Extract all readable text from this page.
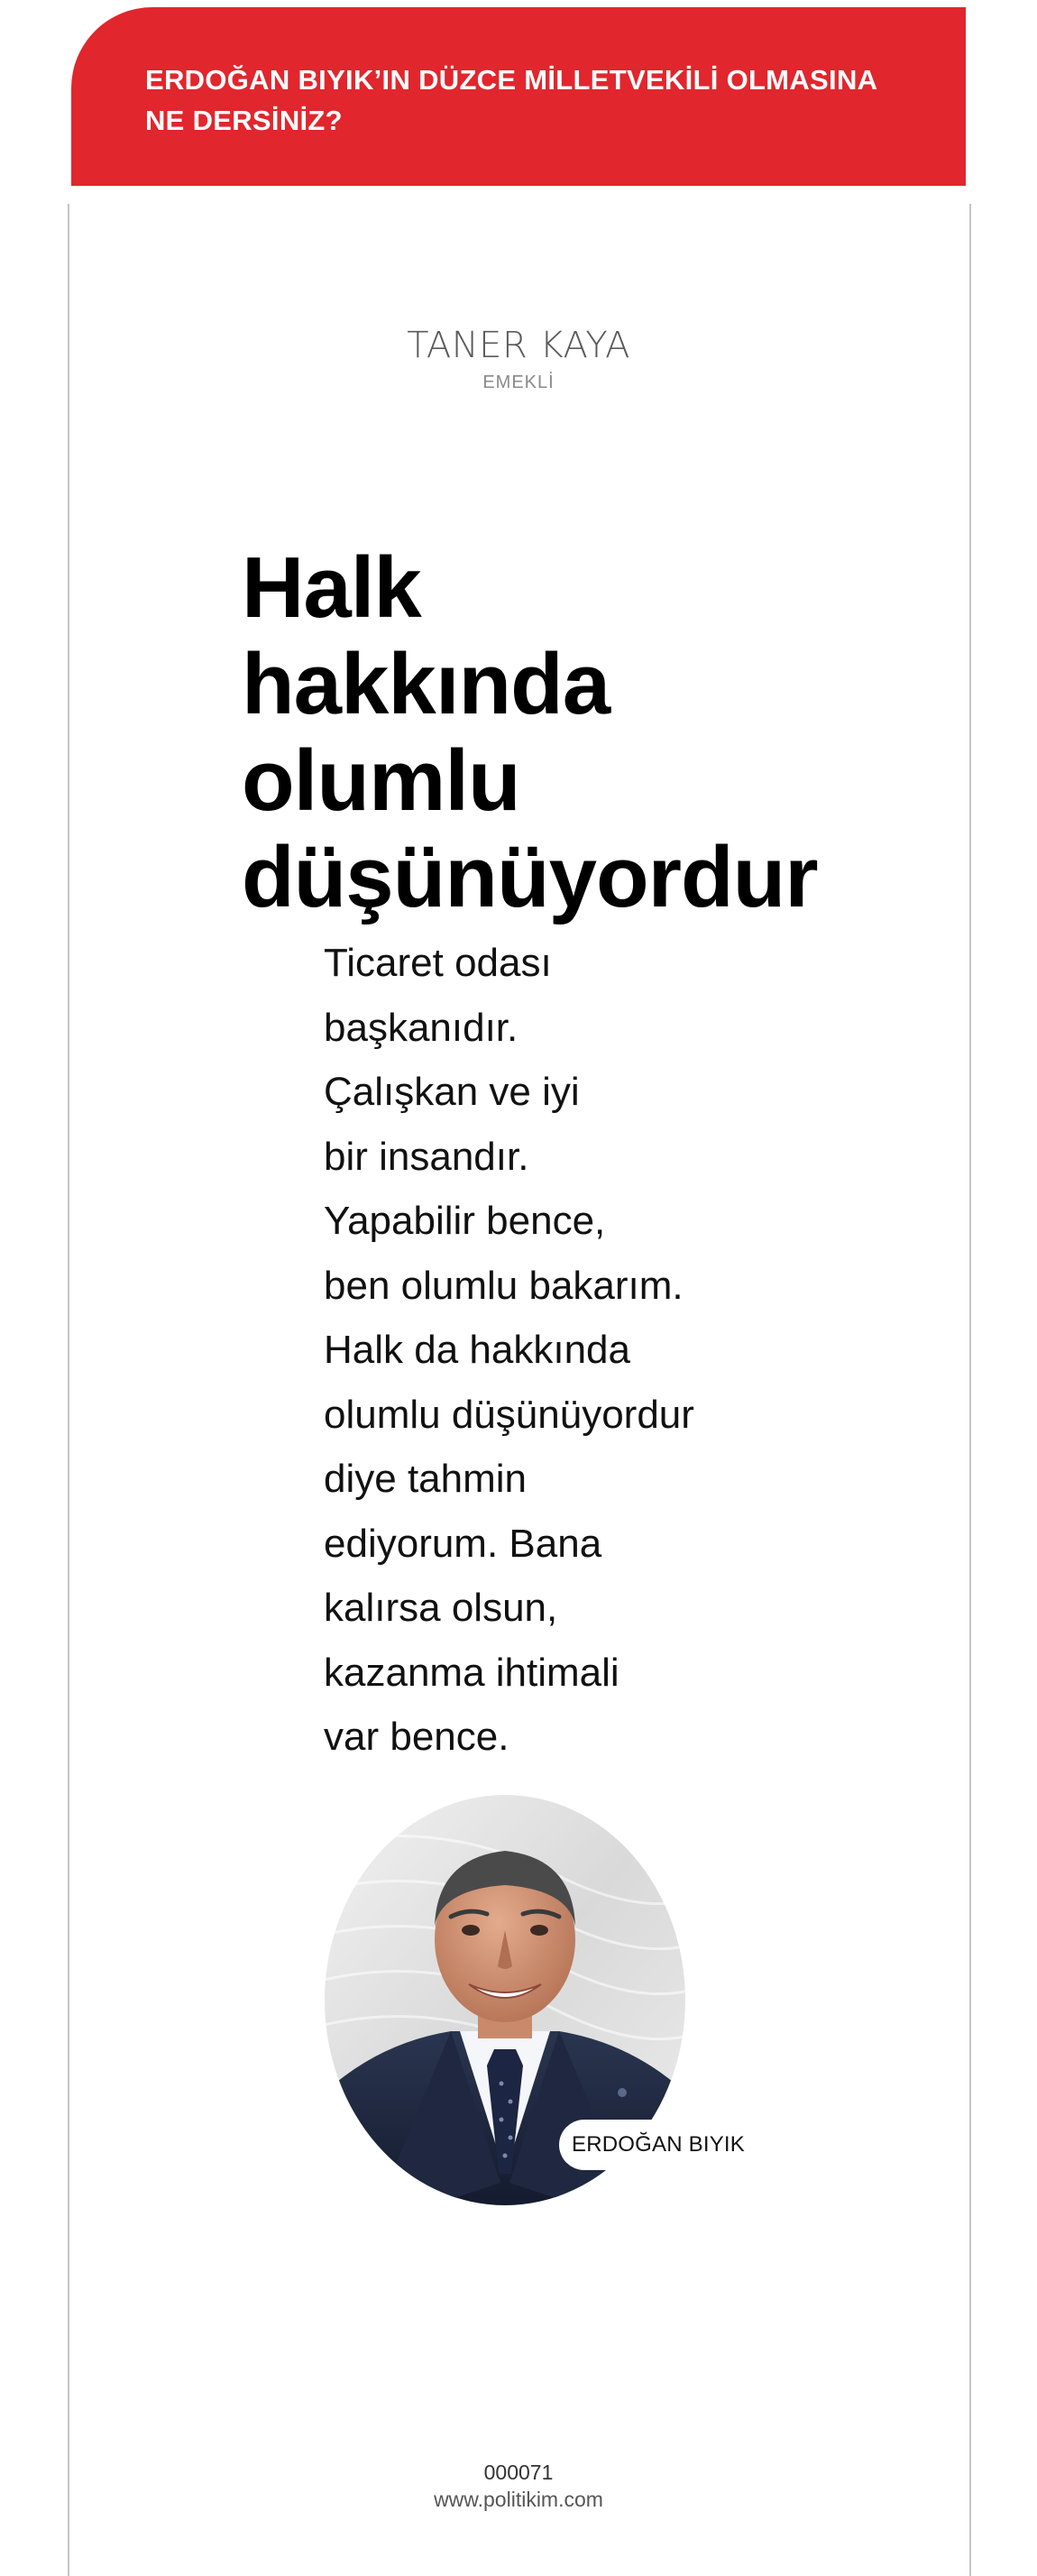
ERDOĞAN BIYIK’IN DÜZCE MİLLETVEKİLİ OLMASINA NE DERSİNİZ?
TANER KAYA
EMEKLİ
Halk
hakkında
olumlu
düşünüyordur

Ticaret odası
başkanıdır.
Çalışkan ve iyi
bir insandır.
Yapabilir bence,
ben olumlu bakarım.
Halk da hakkında
olumlu düşünüyordur
diye tahmin
ediyorum. Bana
kalırsa olsun,
kazanma ihtimali
var bence.

ERDOĞAN BIYIK
000071
www.politikim.com
